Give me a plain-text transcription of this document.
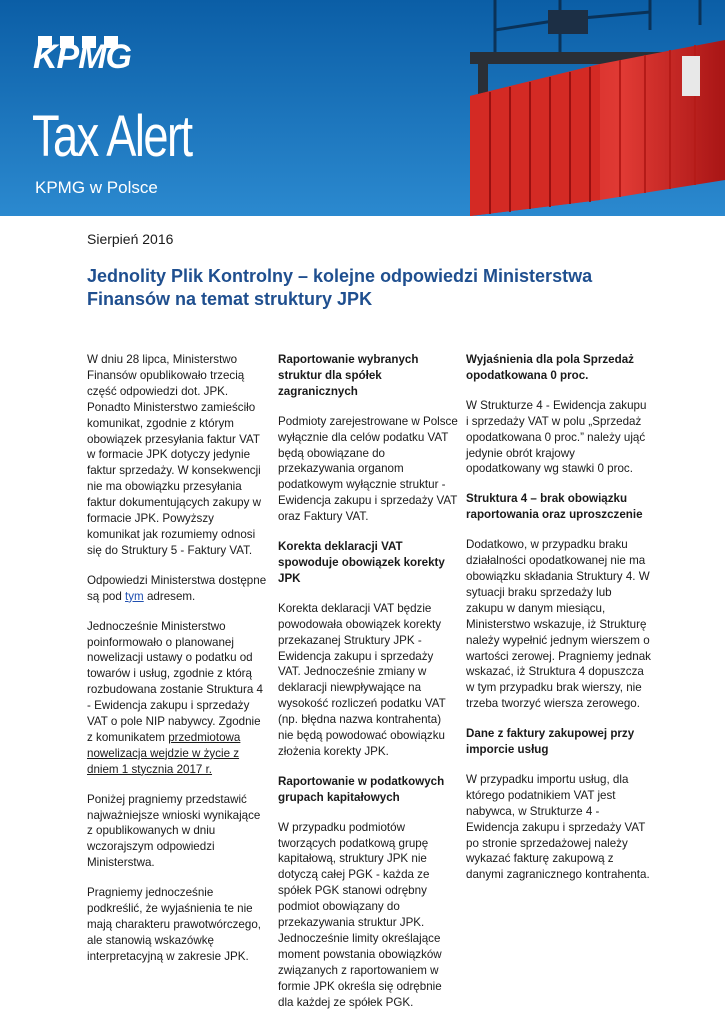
KPMG
Tax Alert
KPMG w Polsce
Sierpień 2016
Jednolity Plik Kontrolny – kolejne odpowiedzi Ministerstwa Finansów na temat struktury JPK

W dniu 28 lipca, Ministerstwo Finansów opublikowało trzecią część odpowiedzi dot. JPK. Ponadto Ministerstwo zamieściło komunikat, zgodnie z którym obowiązek przesyłania faktur VAT w formacie JPK dotyczy jedynie faktur sprzedaży. W konsekwencji nie ma obowiązku przesyłania faktur dokumentujących zakupy w formacie JPK. Powyższy komunikat jak rozumiemy odnosi się do Struktury 5 - Faktury VAT.

Odpowiedzi Ministerstwa dostępne są pod tym adresem.

Jednocześnie Ministerstwo poinformowało o planowanej nowelizacji ustawy o podatku od towarów i usług, zgodnie z którą rozbudowana zostanie Struktura 4 - Ewidencja zakupu i sprzedaży VAT o pole NIP nabywcy. Zgodnie z komunikatem przedmiotowa nowelizacja wejdzie w życie z dniem 1 stycznia 2017 r.

Poniżej pragniemy przedstawić najważniejsze wnioski wynikające z opublikowanych w dniu wczorajszym odpowiedzi Ministerstwa.

Pragniemy jednocześnie podkreślić, że wyjaśnienia te nie mają charakteru prawotwórczego, ale stanowią wskazówkę interpretacyjną w zakresie JPK.

Raportowanie wybranych struktur dla spółek zagranicznych

Podmioty zarejestrowane w Polsce wyłącznie dla celów podatku VAT będą obowiązane do przekazywania organom podatkowym wyłącznie struktur - Ewidencja zakupu i sprzedaży VAT oraz Faktury VAT.

Korekta deklaracji VAT spowoduje obowiązek korekty JPK

Korekta deklaracji VAT będzie powodowała obowiązek korekty przekazanej Struktury JPK - Ewidencja zakupu i sprzedaży VAT. Jednocześnie zmiany w deklaracji niewpływające na wysokość rozliczeń podatku VAT (np. błędna nazwa kontrahenta) nie będą powodować obowiązku złożenia korekty JPK.

Raportowanie w podatkowych grupach kapitałowych

W przypadku podmiotów tworzących podatkową grupę kapitałową, struktury JPK nie dotyczą całej PGK - każda ze spółek PGK stanowi odrębny podmiot obowiązany do przekazywania struktur JPK. Jednocześnie limity określające moment powstania obowiązków związanych z raportowaniem w formie JPK określa się odrębnie dla każdej ze spółek PGK.

Wyjaśnienia dla pola Sprzedaż opodatkowana 0 proc.

W Strukturze 4 - Ewidencja zakupu i sprzedaży VAT w polu „Sprzedaż opodatkowana 0 proc.” należy ująć jedynie obrót krajowy opodatkowany wg stawki 0 proc.

Struktura 4 – brak obowiązku raportowania oraz uproszczenie

Dodatkowo, w przypadku braku działalności opodatkowanej nie ma obowiązku składania Struktury 4. W sytuacji braku sprzedaży lub zakupu w danym miesiącu, Ministerstwo wskazuje, iż Strukturę należy wypełnić jednym wierszem o wartości zerowej. Pragniemy jednak wskazać, iż Struktura 4 dopuszcza w tym przypadku brak wierszy, nie trzeba tworzyć wiersza zerowego.

Dane z faktury zakupowej przy imporcie usług

W przypadku importu usług, dla którego podatnikiem VAT jest nabywca, w Strukturze 4 - Ewidencja zakupu i sprzedaży VAT po stronie sprzedażowej należy wykazać fakturę zakupową z danymi zagranicznego kontrahenta.
